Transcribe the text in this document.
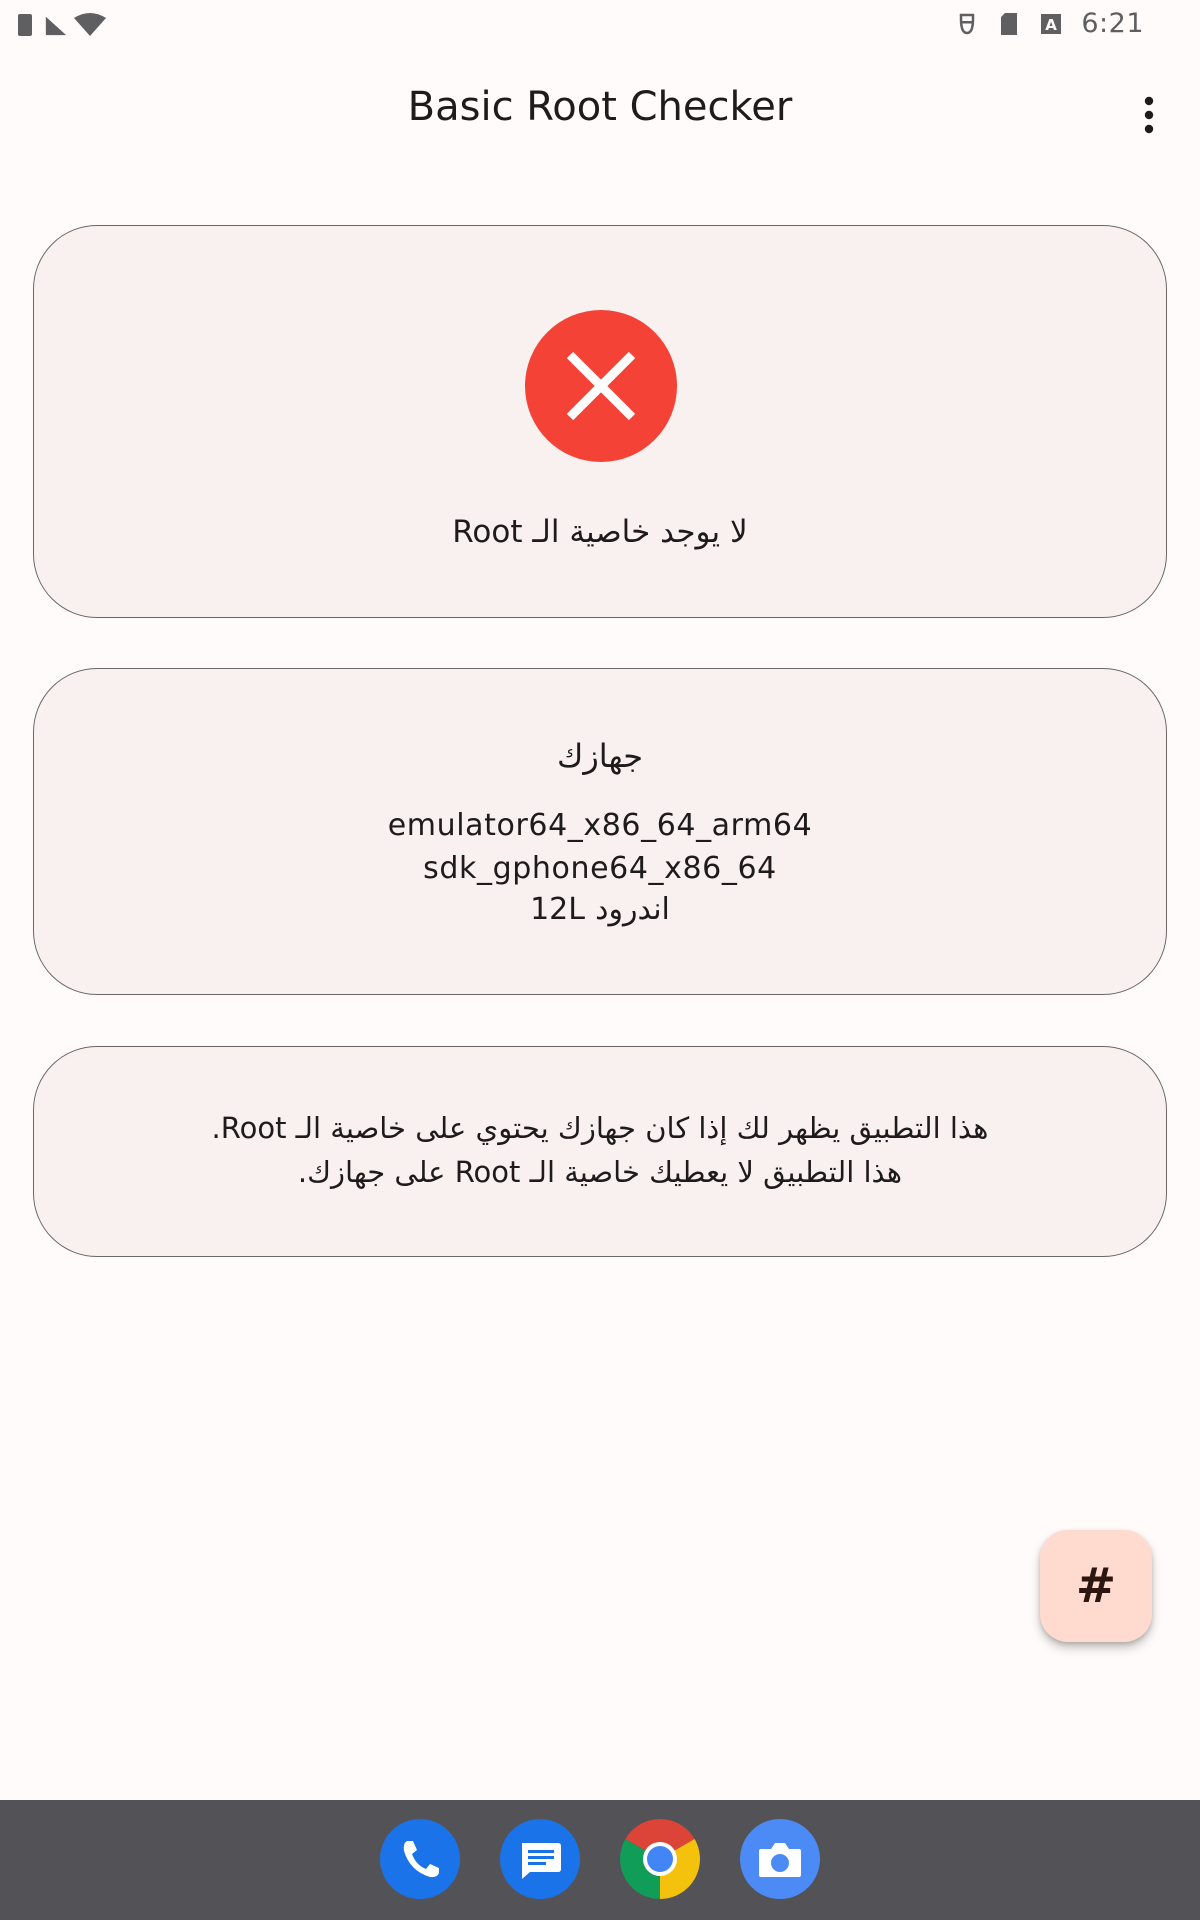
A 6:21
Basic Root Checker
لا يوجد خاصية الـ Root
جهازك
emulator64_x86_64_arm64
sdk_gphone64_x86_64
اندرود 12L
هذا التطبيق يظهر لك إذا كان جهازك يحتوي على خاصية الـ Root.
هذا التطبيق لا يعطيك خاصية الـ Root على جهازك.
#
